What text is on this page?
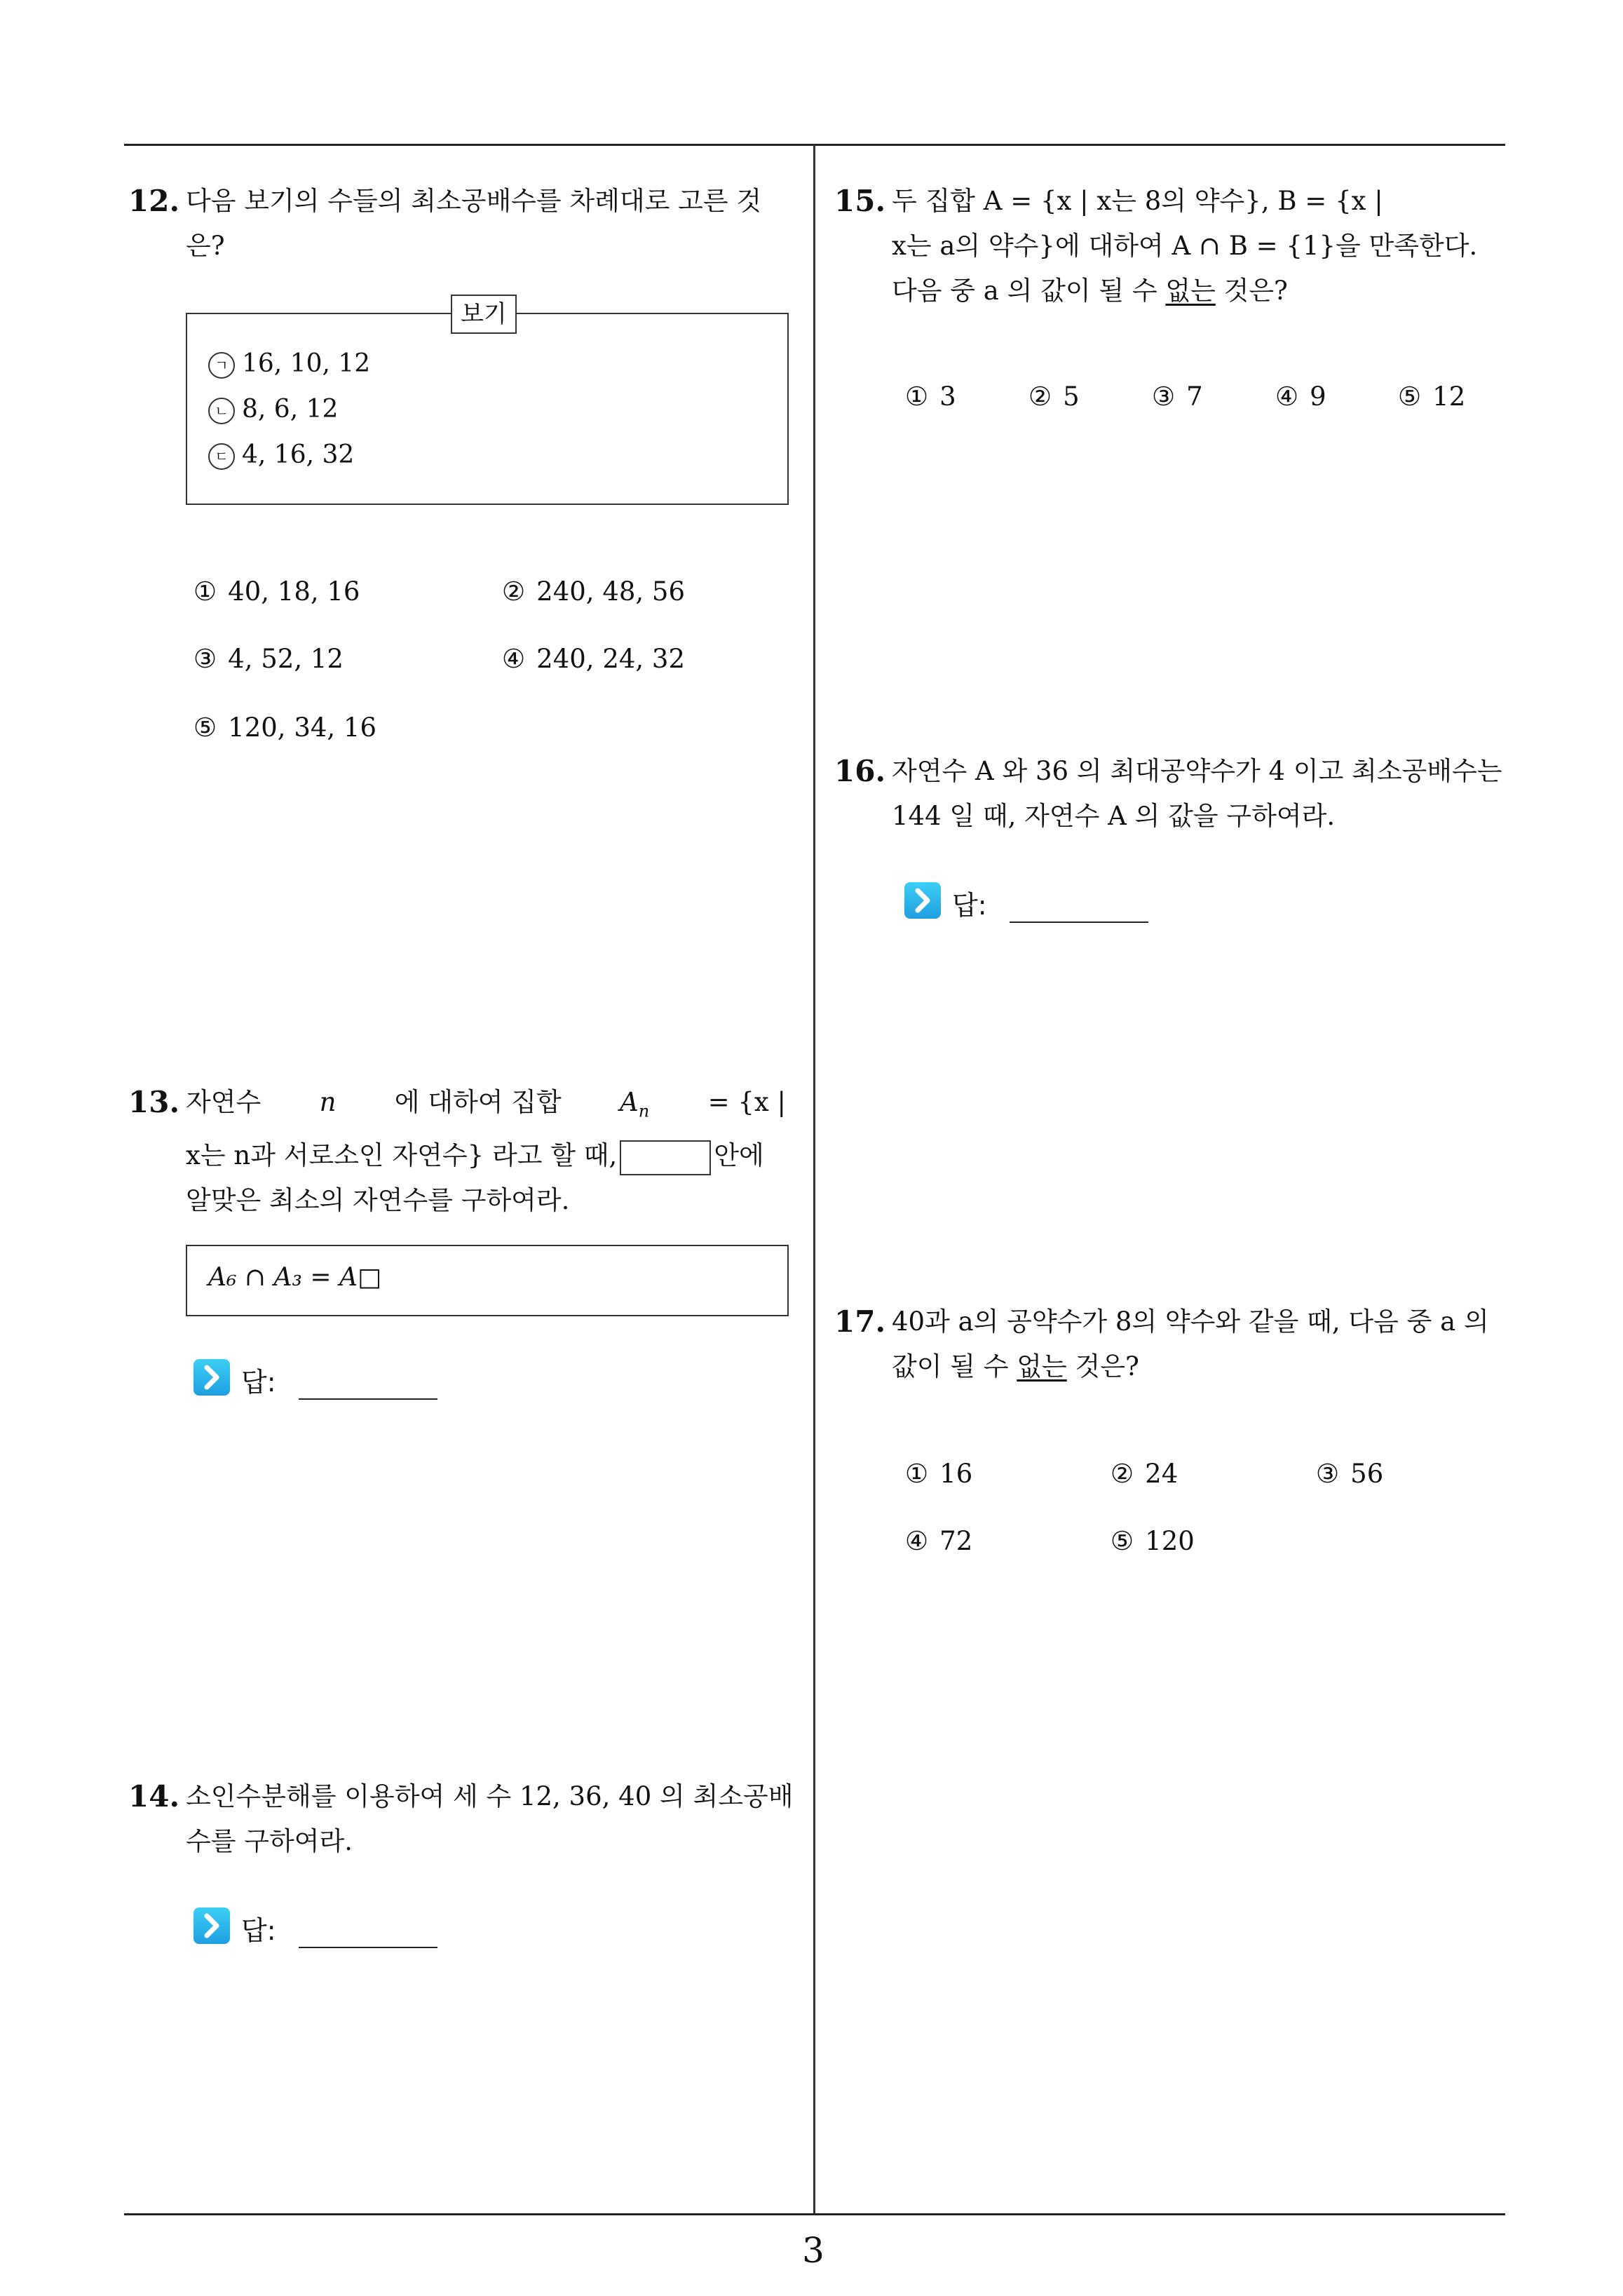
3
12. 다음 보기의 수들의 최소공배수를 차례대로 고른 것
은?
보기
ㄱ 16, 10, 12
ㄴ 8, 6, 12
ㄷ 4, 16, 32
① 40, 18, 16	② 240, 48, 56
③ 4, 52, 12	④ 240, 24, 32
⑤ 120, 34, 16
13. 자연수 n 에 대하여 집합 $A_n = \{x$ |
x는 n과 서로소인 자연수} 라고 할 때,	안에
알맞은 최소의 자연수를 구하여라.
A₆ ∩ A₃ = A□
답:
14. 소인수분해를 이용하여 세 수 12, 36, 40 의 최소공배
수를 구하여라.
답:
15. 두 집합 A = {x | x는 8의 약수}, B = {x |
x는 a의 약수}에 대하여 A ∩ B = {1}을 만족한다.
다음 중 a 의 값이 될 수 없는 것은?
① 3	② 5	③ 7	④ 9	⑤ 12
16. 자연수 A 와 36 의 최대공약수가 4 이고 최소공배수는
144 일 때, 자연수 A 의 값을 구하여라.
답:
17. 40과 a의 공약수가 8의 약수와 같을 때, 다음 중 a 의
값이 될 수 없는 것은?
① 16	② 24	③ 56
④ 72	⑤ 120
